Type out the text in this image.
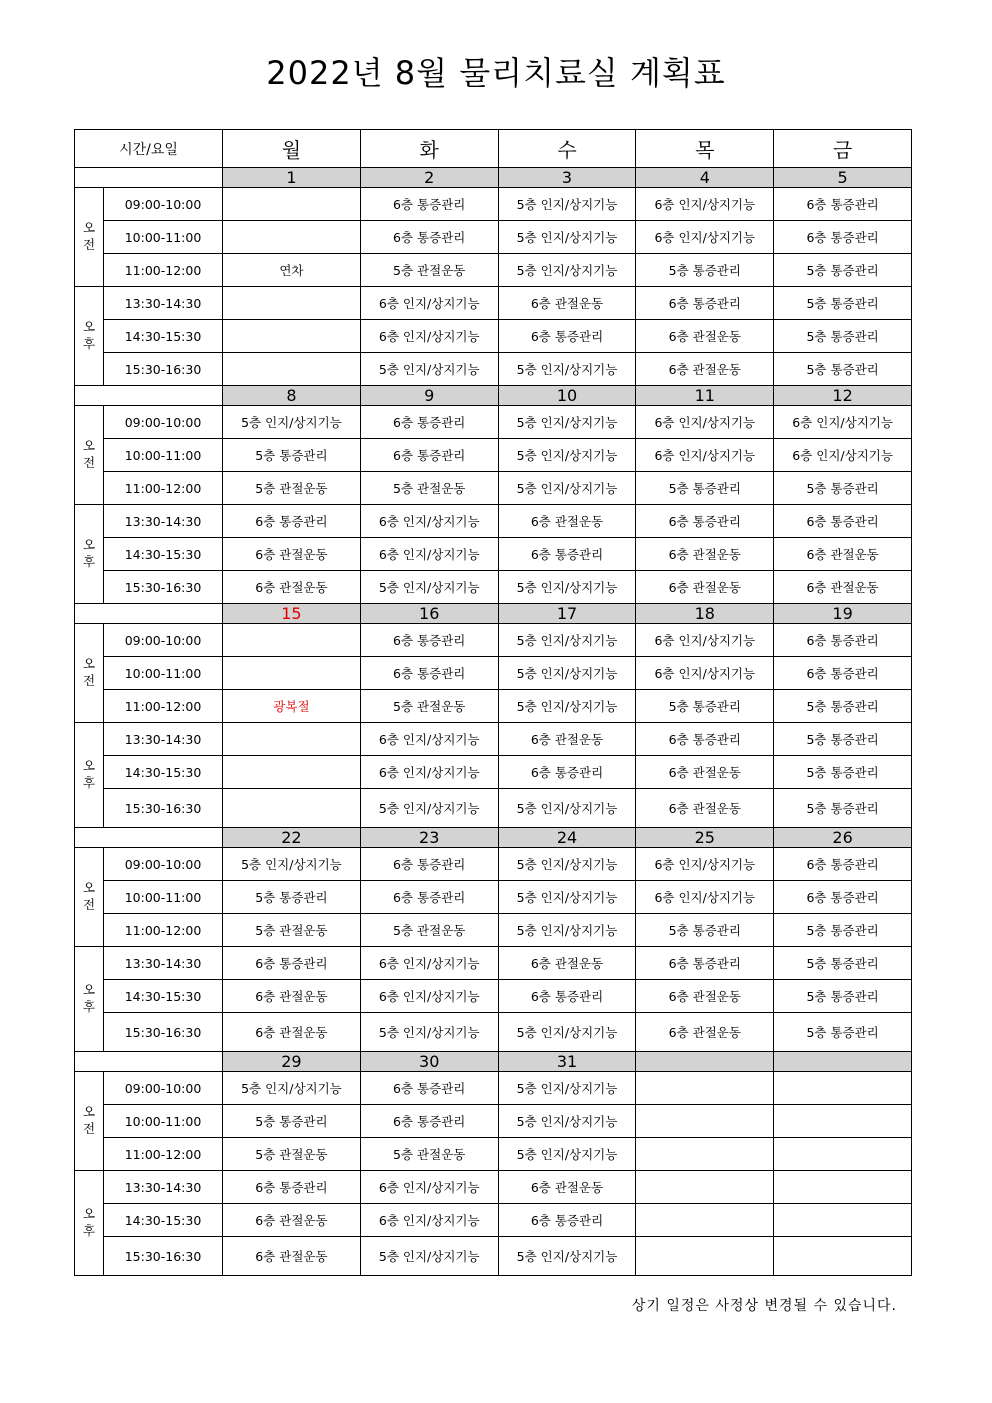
2022년 8월 물리치료실 계획표
시간/요일		월	화	수	목	금
		1	2	3	4	5
오
전	09:00-10:00		6층 통증관리	5층 인지/상지기능	6층 인지/상지기능	6층 통증관리
	10:00-11:00		6층 통증관리	5층 인지/상지기능	6층 인지/상지기능	6층 통증관리
	11:00-12:00	연차	5층 관절운동	5층 인지/상지기능	5층 통증관리	5층 통증관리
오
후	13:30-14:30		6층 인지/상지기능	6층 관절운동	6층 통증관리	5층 통증관리
	14:30-15:30		6층 인지/상지기능	6층 통증관리	6층 관절운동	5층 통증관리
	15:30-16:30		5층 인지/상지기능	5층 인지/상지기능	6층 관절운동	5층 통증관리
		8	9	10	11	12
오
전	09:00-10:00	5층 인지/상지기능	6층 통증관리	5층 인지/상지기능	6층 인지/상지기능	6층 인지/상지기능
	10:00-11:00	5층 통증관리	6층 통증관리	5층 인지/상지기능	6층 인지/상지기능	6층 인지/상지기능
	11:00-12:00	5층 관절운동	5층 관절운동	5층 인지/상지기능	5층 통증관리	5층 통증관리
오
후	13:30-14:30	6층 통증관리	6층 인지/상지기능	6층 관절운동	6층 통증관리	6층 통증관리
	14:30-15:30	6층 관절운동	6층 인지/상지기능	6층 통증관리	6층 관절운동	6층 관절운동
	15:30-16:30	6층 관절운동	5층 인지/상지기능	5층 인지/상지기능	6층 관절운동	6층 관절운동
		15	16	17	18	19
오
전	09:00-10:00		6층 통증관리	5층 인지/상지기능	6층 인지/상지기능	6층 통증관리
	10:00-11:00		6층 통증관리	5층 인지/상지기능	6층 인지/상지기능	6층 통증관리
	11:00-12:00	광복절	5층 관절운동	5층 인지/상지기능	5층 통증관리	5층 통증관리
오
후	13:30-14:30		6층 인지/상지기능	6층 관절운동	6층 통증관리	5층 통증관리
	14:30-15:30		6층 인지/상지기능	6층 통증관리	6층 관절운동	5층 통증관리
	15:30-16:30		5층 인지/상지기능	5층 인지/상지기능	6층 관절운동	5층 통증관리
		22	23	24	25	26
오
전	09:00-10:00	5층 인지/상지기능	6층 통증관리	5층 인지/상지기능	6층 인지/상지기능	6층 통증관리
	10:00-11:00	5층 통증관리	6층 통증관리	5층 인지/상지기능	6층 인지/상지기능	6층 통증관리
	11:00-12:00	5층 관절운동	5층 관절운동	5층 인지/상지기능	5층 통증관리	5층 통증관리
오
후	13:30-14:30	6층 통증관리	6층 인지/상지기능	6층 관절운동	6층 통증관리	5층 통증관리
	14:30-15:30	6층 관절운동	6층 인지/상지기능	6층 통증관리	6층 관절운동	5층 통증관리
	15:30-16:30	6층 관절운동	5층 인지/상지기능	5층 인지/상지기능	6층 관절운동	5층 통증관리
		29	30	31		
오
전	09:00-10:00	5층 인지/상지기능	6층 통증관리	5층 인지/상지기능		
	10:00-11:00	5층 통증관리	6층 통증관리	5층 인지/상지기능		
	11:00-12:00	5층 관절운동	5층 관절운동	5층 인지/상지기능		
오
후	13:30-14:30	6층 통증관리	6층 인지/상지기능	6층 관절운동		
	14:30-15:30	6층 관절운동	6층 인지/상지기능	6층 통증관리		
	15:30-16:30	6층 관절운동	5층 인지/상지기능	5층 인지/상지기능		
상기 일정은 사정상 변경될 수 있습니다.
